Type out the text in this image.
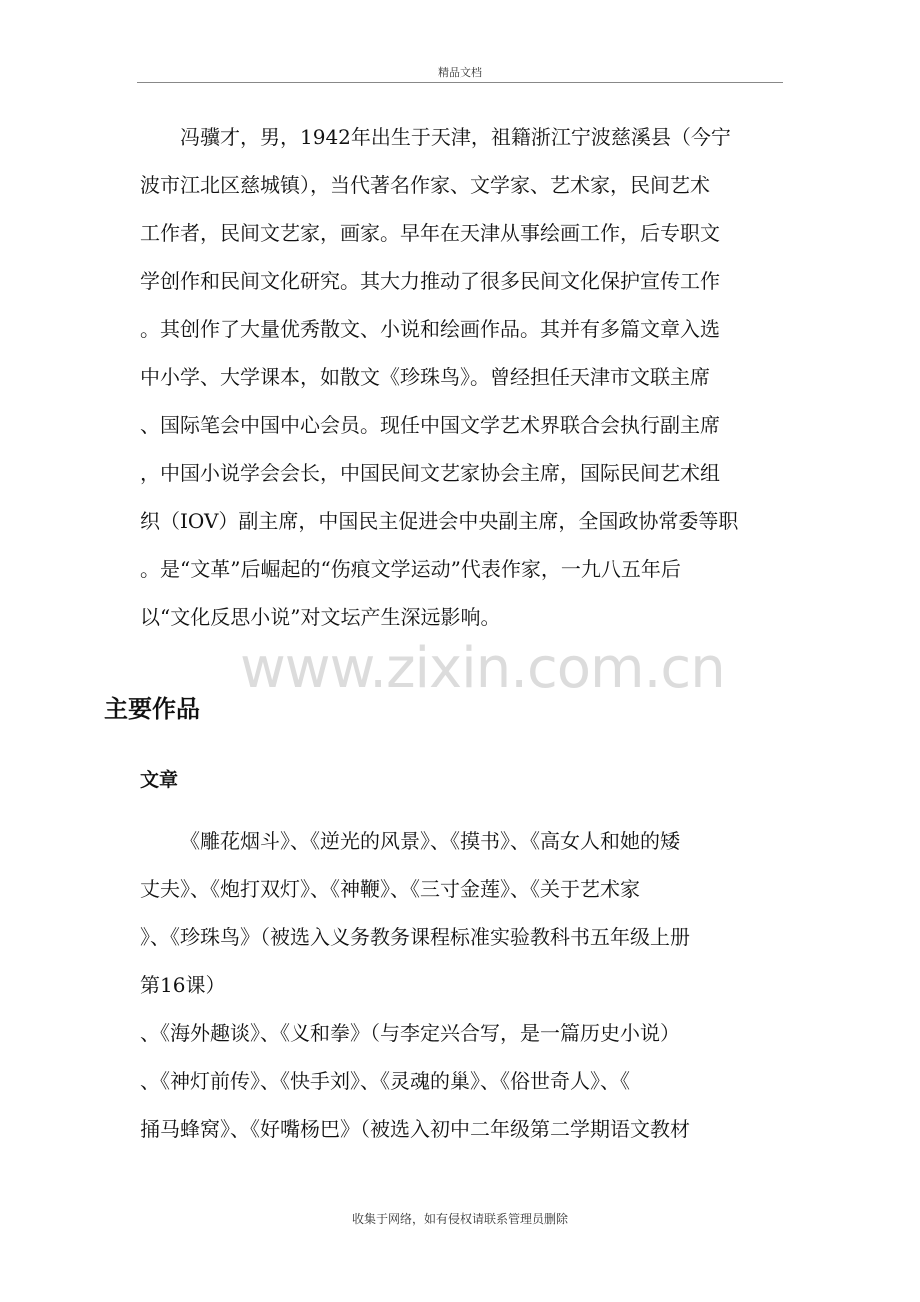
精品文档
冯骥才，男，1942年出生于天津，祖籍浙江宁波慈溪县（今宁
波市江北区慈城镇），当代著名作家、文学家、艺术家，民间艺术
工作者，民间文艺家，画家。早年在天津从事绘画工作，后专职文
学创作和民间文化研究。其大力推动了很多民间文化保护宣传工作
。其创作了大量优秀散文、小说和绘画作品。其并有多篇文章入选
中小学、大学课本，如散文《珍珠鸟》。曾经担任天津市文联主席
、国际笔会中国中心会员。现任中国文学艺术界联合会执行副主席
，中国小说学会会长，中国民间文艺家协会主席，国际民间艺术组
织（IOV）副主席，中国民主促进会中央副主席，全国政协常委等职
。是“文革”后崛起的“伤痕文学运动”代表作家，一九八五年后
以“文化反思小说”对文坛产生深远影响。
www.zixin.com.cn
主要作品
文章
《雕花烟斗》、《逆光的风景》、《摸书》、《高女人和她的矮
丈夫》、《炮打双灯》、《神鞭》、《三寸金莲》、《关于艺术家
》、《珍珠鸟》（被选入义务教务课程标准实验教科书五年级上册
第16课）
、《海外趣谈》、《义和拳》（与李定兴合写，是一篇历史小说）
、《神灯前传》、《快手刘》、《灵魂的巢》、《俗世奇人》、《
捅马蜂窝》、《好嘴杨巴》（被选入初中二年级第二学期语文教材
收集于网络，如有侵权请联系管理员删除
